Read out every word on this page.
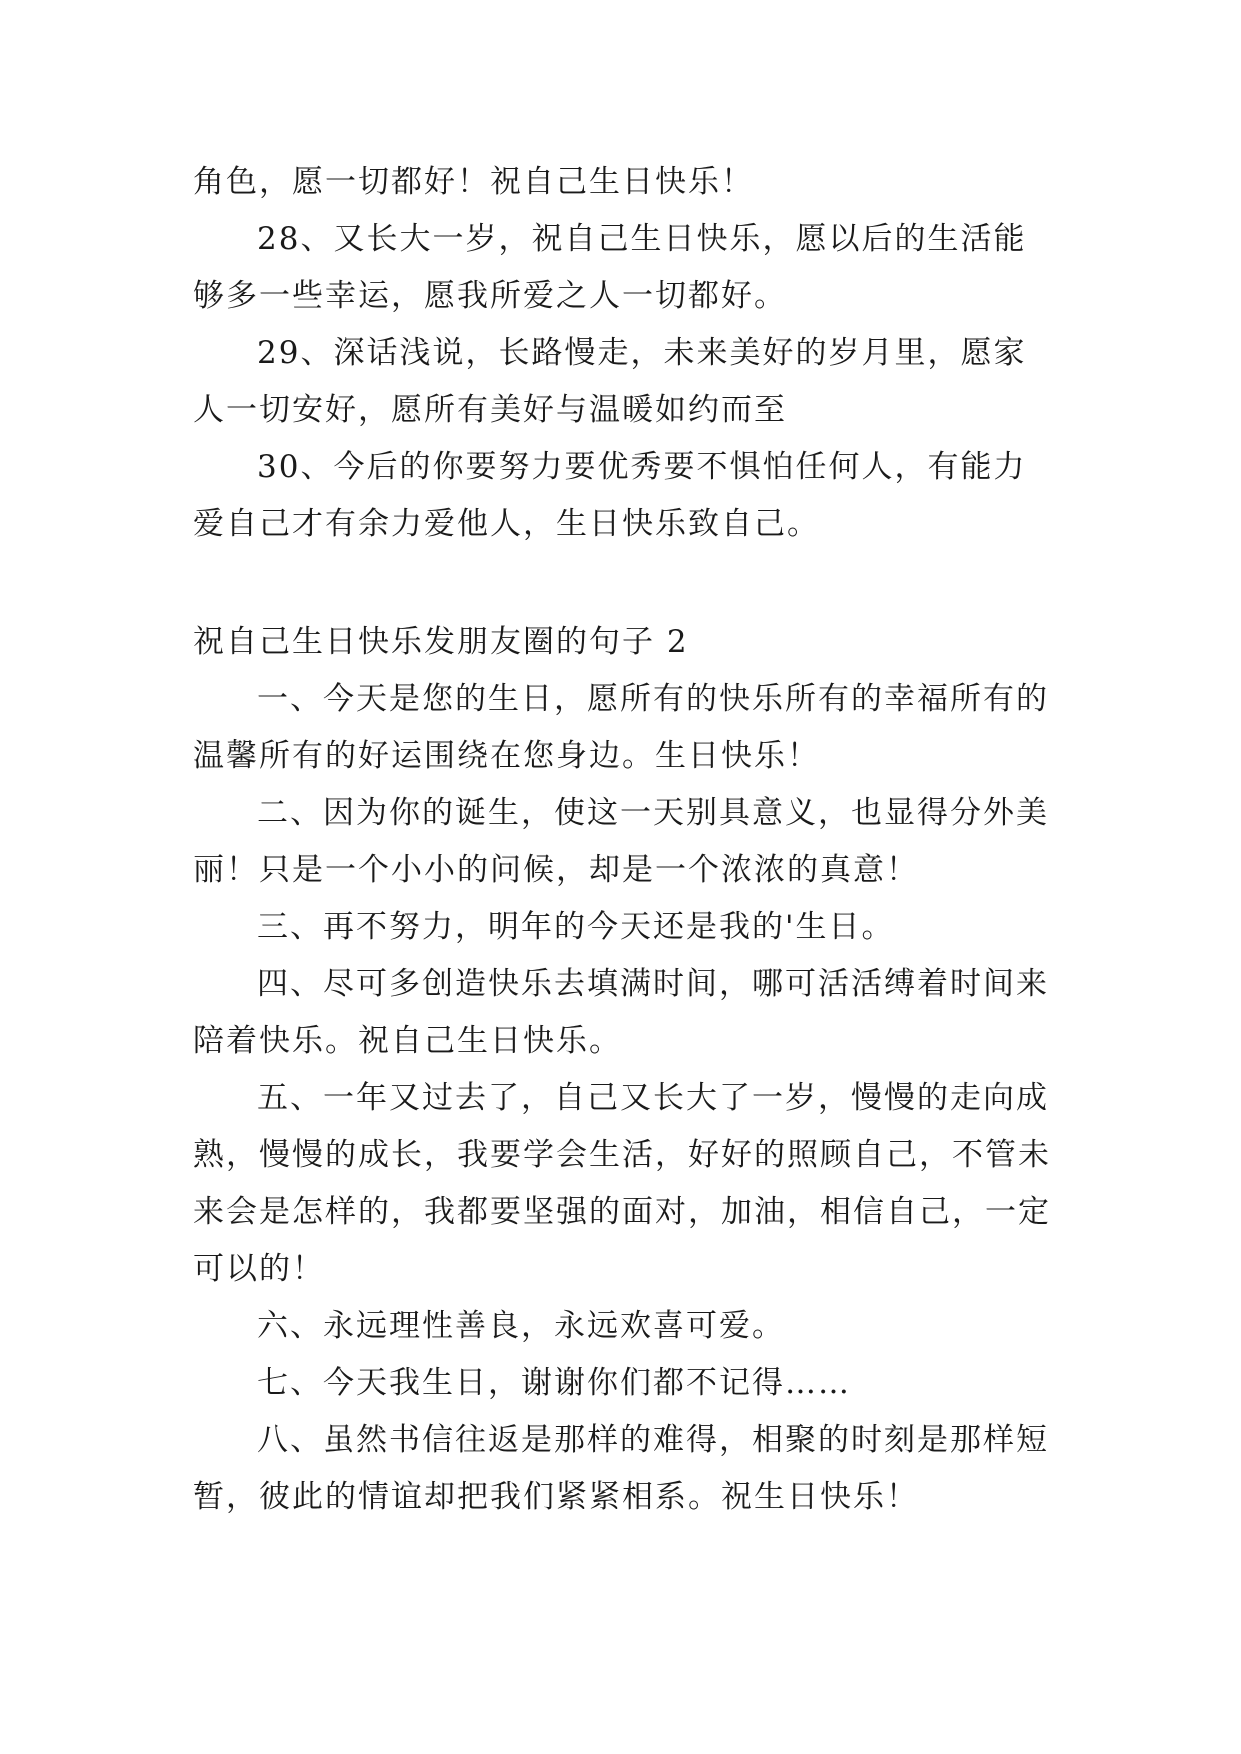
角色，愿一切都好！祝自己生日快乐！

28、又长大一岁，祝自己生日快乐，愿以后的生活能够多一些幸运，愿我所爱之人一切都好。

29、深话浅说，长路慢走，未来美好的岁月里，愿家人一切安好，愿所有美好与温暖如约而至

30、今后的你要努力要优秀要不惧怕任何人，有能力爱自己才有余力爱他人，生日快乐致自己。

祝自己生日快乐发朋友圈的句子 2

一、今天是您的生日，愿所有的快乐所有的幸福所有的温馨所有的好运围绕在您身边。生日快乐！

二、因为你的诞生，使这一天别具意义，也显得分外美丽！只是一个小小的问候，却是一个浓浓的真意！

三、再不努力，明年的今天还是我的'生日。

四、尽可多创造快乐去填满时间，哪可活活缚着时间来陪着快乐。祝自己生日快乐。

五、一年又过去了，自己又长大了一岁，慢慢的走向成熟，慢慢的成长，我要学会生活，好好的照顾自己，不管未来会是怎样的，我都要坚强的面对，加油，相信自己，一定可以的！

六、永远理性善良，永远欢喜可爱。

七、今天我生日，谢谢你们都不记得……

八、虽然书信往返是那样的难得，相聚的时刻是那样短暂，彼此的情谊却把我们紧紧相系。祝生日快乐！
